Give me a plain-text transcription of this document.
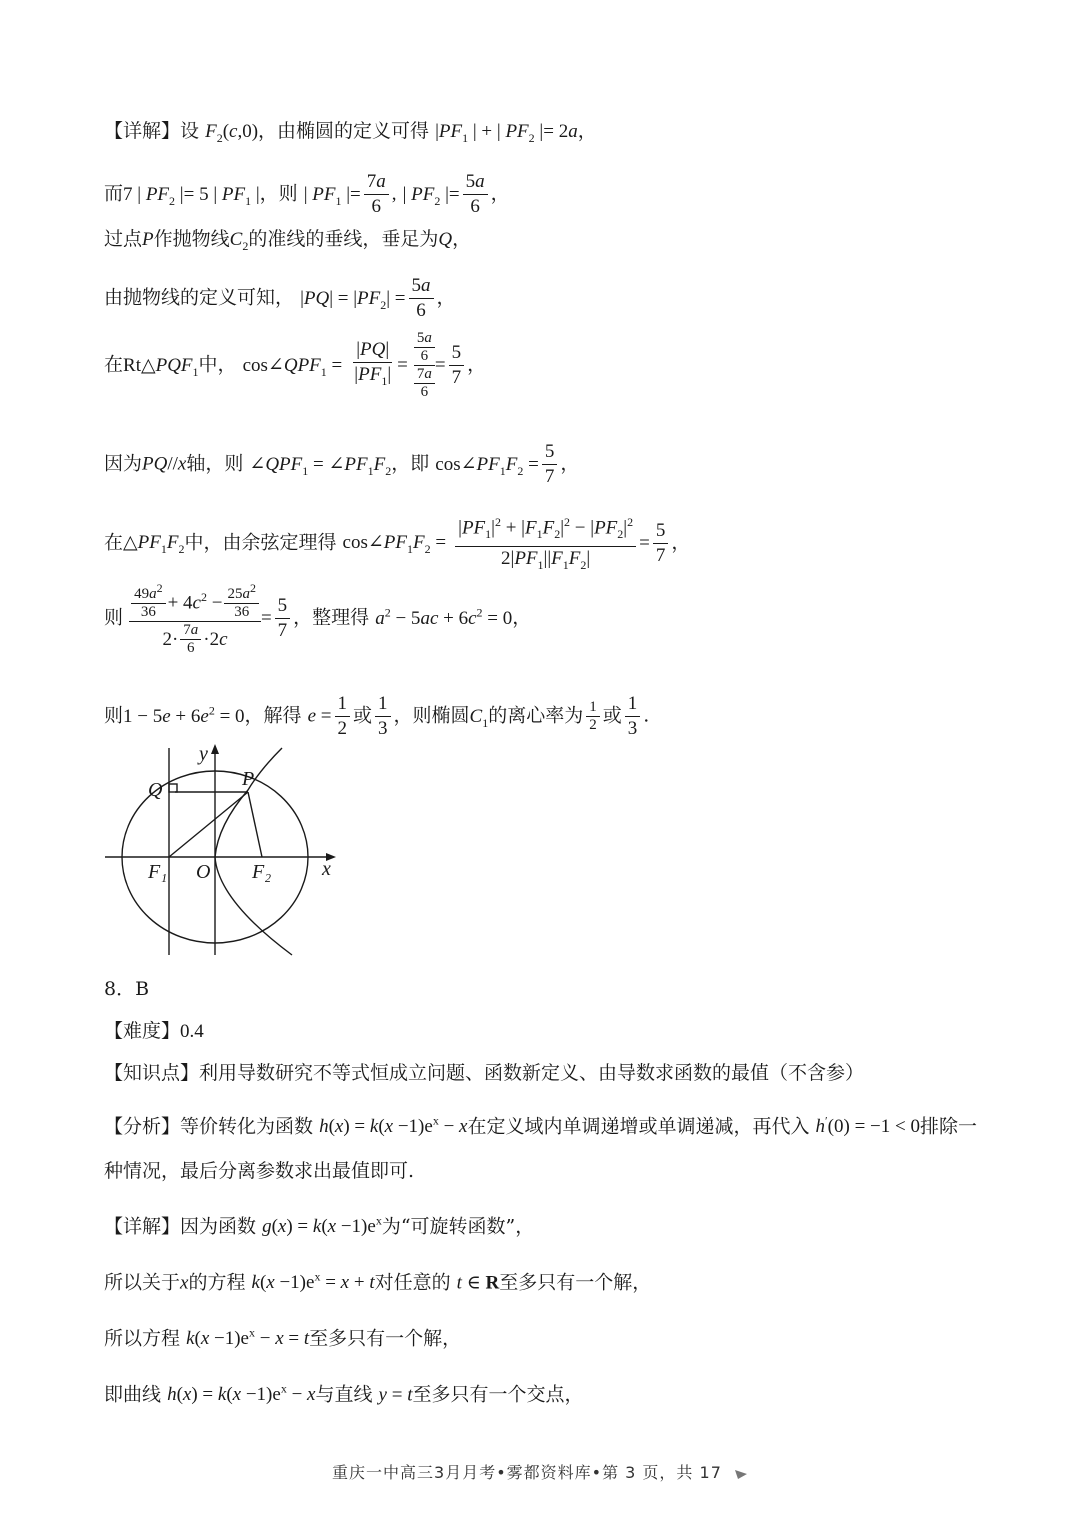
【详解】设 $F_2(c,0)$，由椭圆的定义可得 $|PF_1$ | + | $PF_2$ |= 2a，
而7 | $PF_2$ |= 5 | $PF_1$ |，则 | $PF_1$ |= $\frac{7a}{6}$ , | $PF_2$ |= $\frac{5a}{6}$ ，
过点P作抛物线$C_2$的准线的垂线，垂足为Q，
由抛物线的定义可知， $|PQ| = |PF_2| = \frac{5a}{6}$ ，
在$Rt\triangle PQF_1$中， $\cos\angle QPF_1 = \frac{|PQ|}{|PF_1|} = \frac{\frac{5a}{6}}{\frac{7a}{6}} = \frac{5}{7}$ ，
因为PQ//x轴，则 $\angle QPF_1$ = $\angle PF_1F_2$，即 $\cos\angle PF_1F_2 = \frac{5}{7}$ ，
在$\triangle PF_1F_2$中，由余弦定理得 $\cos\angle PF_1F_2 = \frac{|PF_1|^2 + |F_1F_2|^2 - |PF_2|^2}{2|PF_1||F_1F_2|} = \frac{5}{7}$ ，
则 $\frac{\frac{49a^2}{36} + 4c^2 - \frac{25a^2}{36}}{2\cdot \frac{7a}{6} \cdot 2c} = \frac{5}{7}$ ，整理得 $a^2 - 5ac + 6c^2 = 0$，
则$1 - 5e + 6e^2 = 0$，解得 $e = \frac{1}{2}$ 或 $\frac{1}{3}$ ，则椭圆$C_1$的离心率为 $\frac{1}{2}$ 或 $\frac{1}{3}$ .
y
P
Q
F₁ O F₂	x
8．B
【难度】0.4
【知识点】利用导数研究不等式恒成立问题、函数新定义、由导数求函数的最值（不含参）
【分析】等价转化为函数 $h(x) = k(x -1)e^x - x$在定义域内单调递增或单调递减，再代入 h′(0) = −1 < 0排除一
种情况，最后分离参数求出最值即可.
【详解】因为函数 $g(x) = k(x -1)e^x$为“可旋转函数”，
所以关于x的方程 $k(x -1)e^x = x + t$对任意的 t ∈ R至多只有一个解，
所以方程 $k(x -1)e^x - x = t$至多只有一个解，
即曲线 $h(x) = k(x -1)e^x - x$与直线 y = t至多只有一个交点，
重庆一中高三3月月考•雾都资料库•第 3 页，共 17
